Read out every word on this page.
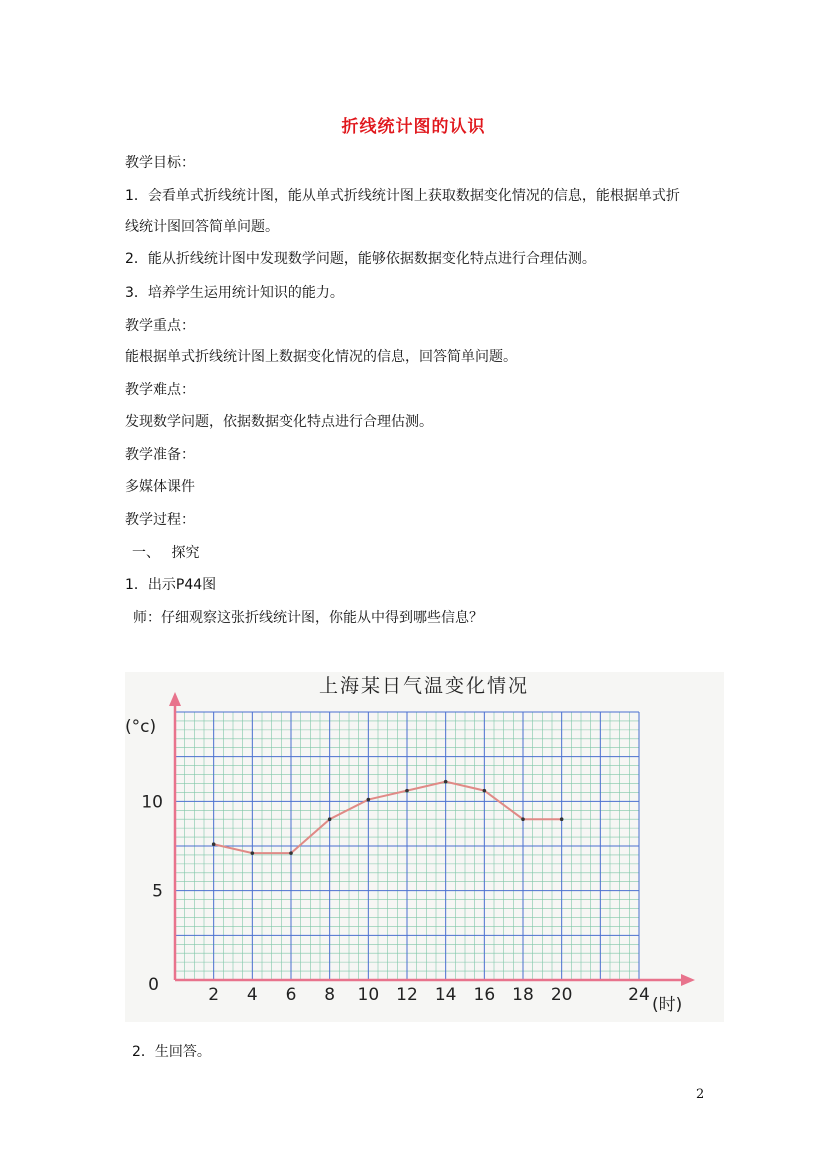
折线统计图的认识
教学目标：
1．会看单式折线统计图，能从单式折线统计图上获取数据变化情况的信息，能根据单式折
线统计图回答简单问题。
2．能从折线统计图中发现数学问题，能够依据数据变化特点进行合理估测。
3．培养学生运用统计知识的能力。
教学重点：
能根据单式折线统计图上数据变化情况的信息，回答简单问题。
教学难点：
发现数学问题，依据数据变化特点进行合理估测。
教学准备：
多媒体课件
教学过程：
一、　 探究
1．出示P44图
师：仔细观察这张折线统计图，你能从中得到哪些信息？
上海某日气温变化情况
(°c)
(时)
2 4 6 8 10 12 14 16 18 20	24
0
5
10
2．生回答。
2
